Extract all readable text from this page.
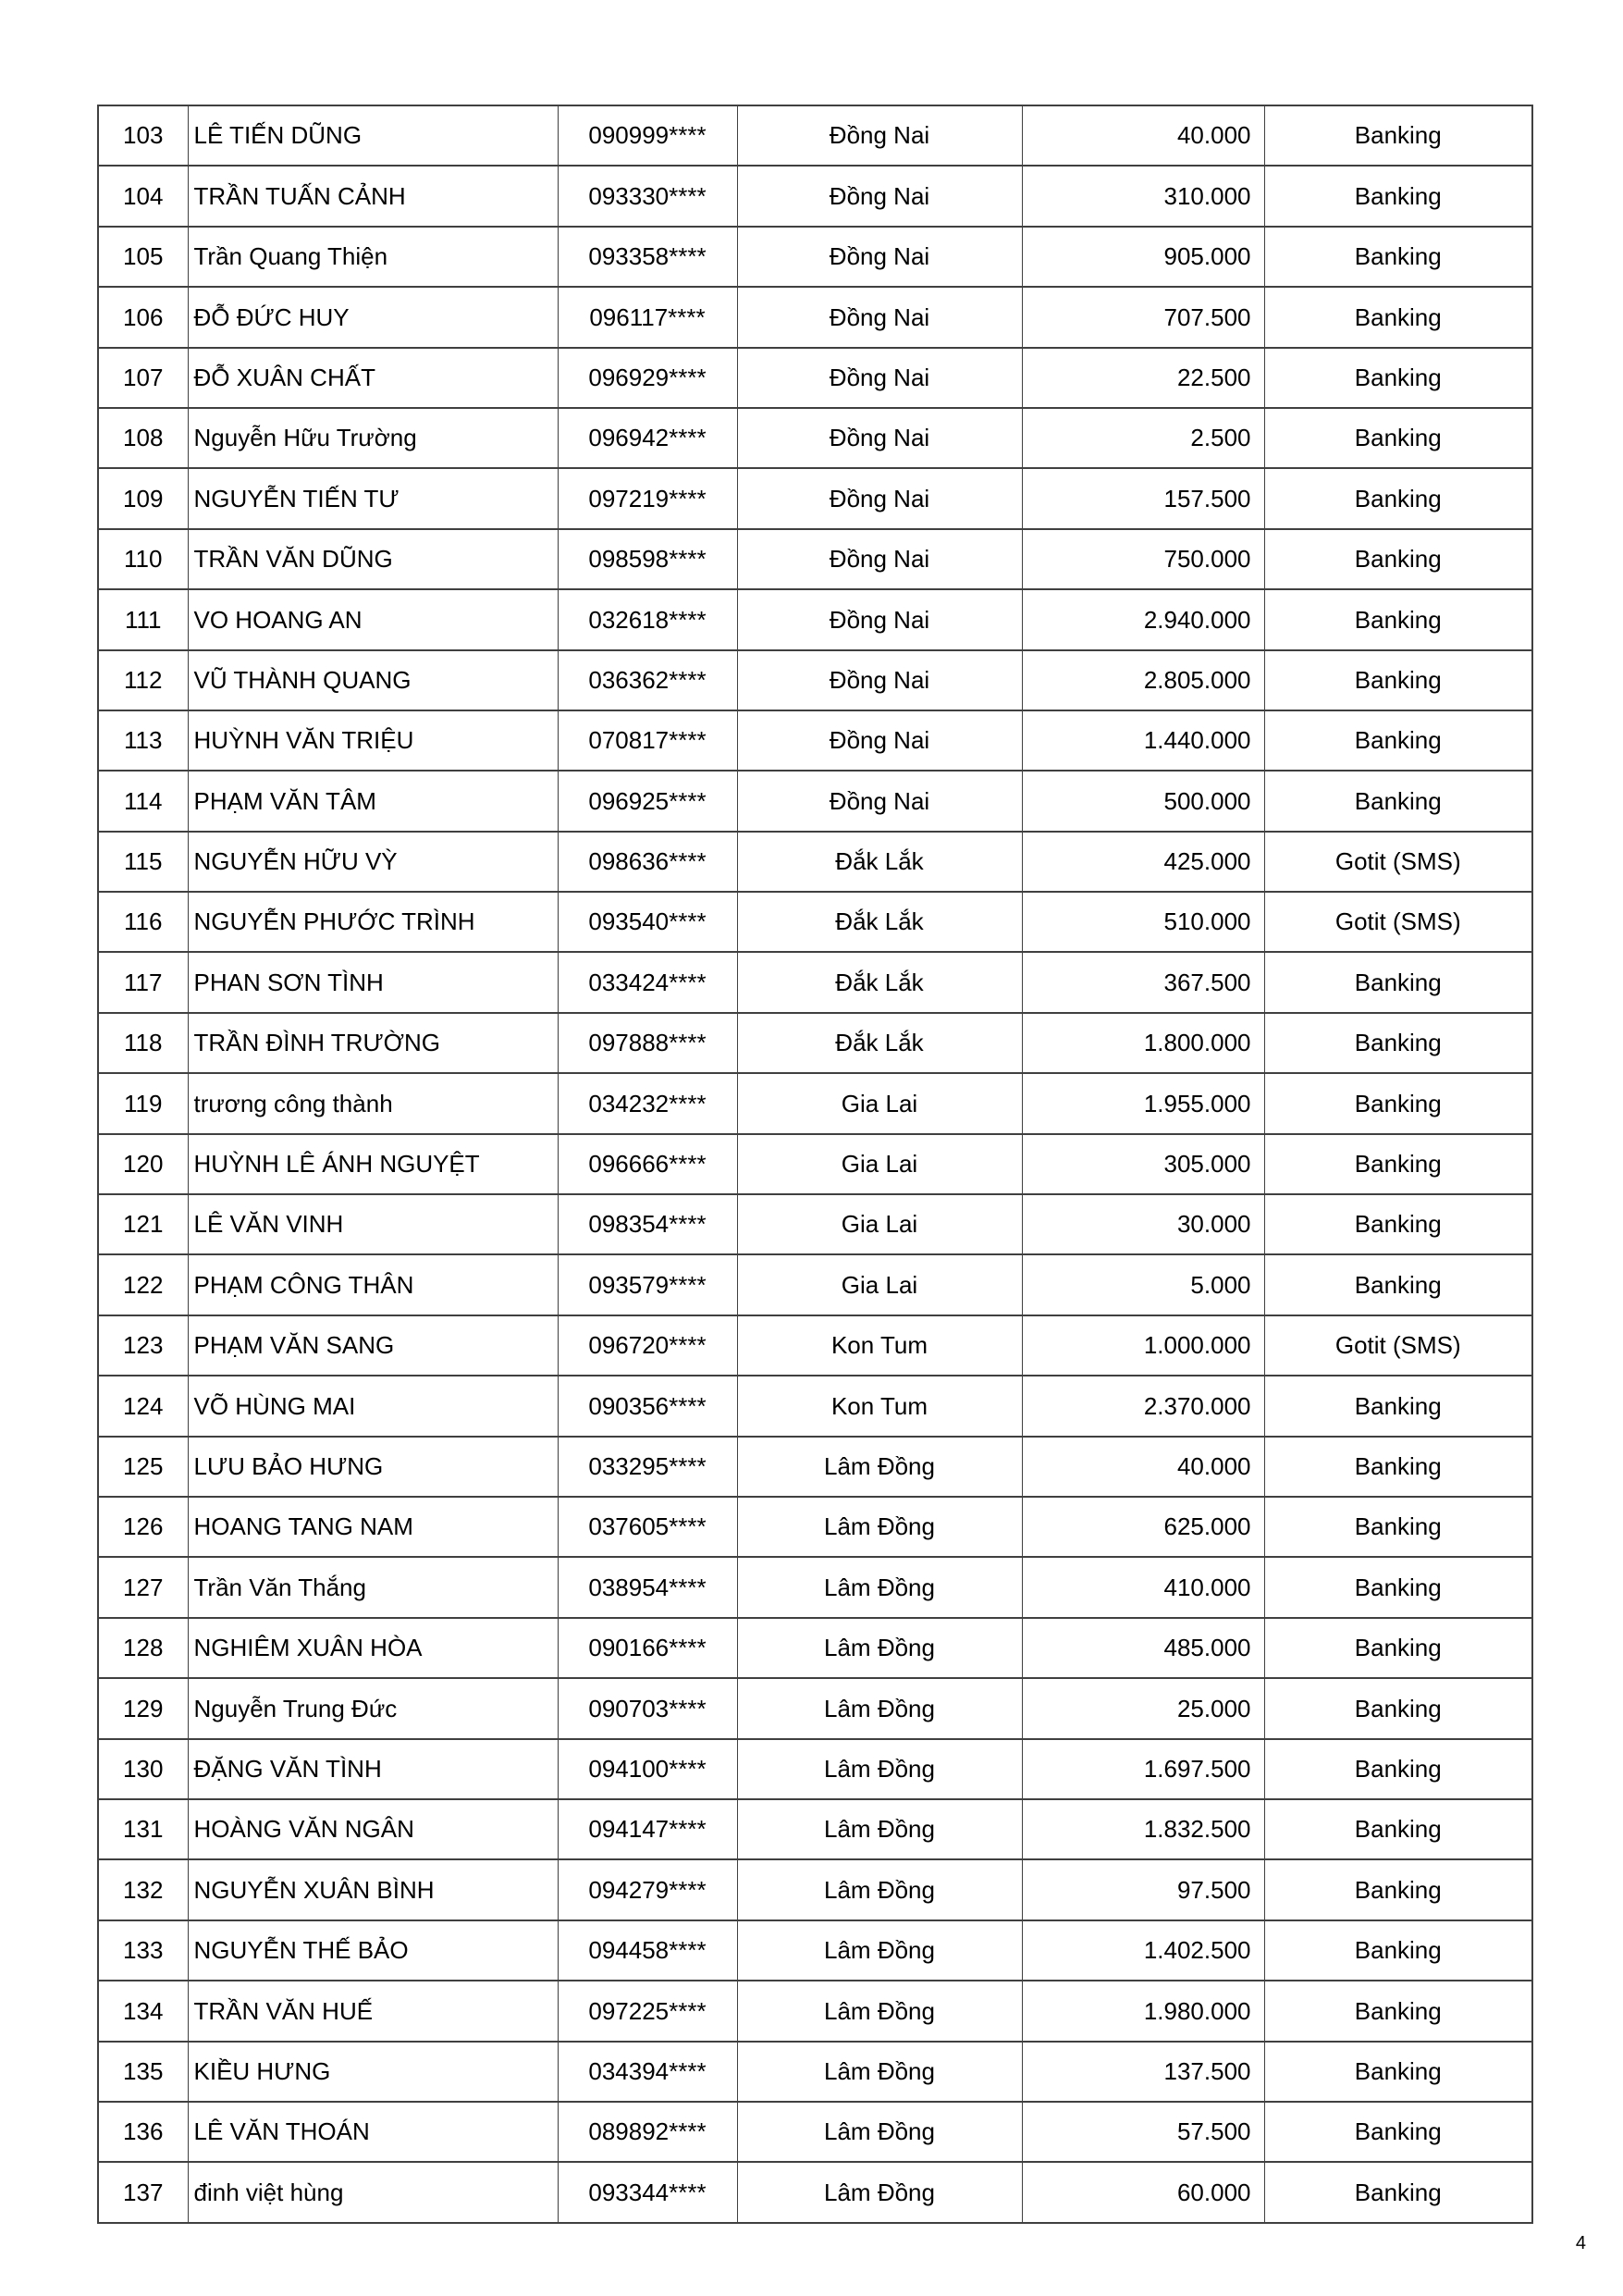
103	LÊ TIẾN DŨNG	090999****	Đồng Nai	40.000	Banking
104	TRẦN TUẤN CẢNH	093330****	Đồng Nai	310.000	Banking
105	Trần Quang Thiện	093358****	Đồng Nai	905.000	Banking
106	ĐỖ ĐỨC HUY	096117****	Đồng Nai	707.500	Banking
107	ĐỖ XUÂN CHẤT	096929****	Đồng Nai	22.500	Banking
108	Nguyễn Hữu Trường	096942****	Đồng Nai	2.500	Banking
109	NGUYỄN TIẾN TƯ	097219****	Đồng Nai	157.500	Banking
110	TRẦN VĂN DŨNG	098598****	Đồng Nai	750.000	Banking
111	VO HOANG AN	032618****	Đồng Nai	2.940.000	Banking
112	VŨ THÀNH QUANG	036362****	Đồng Nai	2.805.000	Banking
113	HUỲNH VĂN TRIỆU	070817****	Đồng Nai	1.440.000	Banking
114	PHẠM VĂN TÂM	096925****	Đồng Nai	500.000	Banking
115	NGUYỄN HỮU VỲ	098636****	Đắk Lắk	425.000	Gotit (SMS)
116	NGUYỄN PHƯỚC TRÌNH	093540****	Đắk Lắk	510.000	Gotit (SMS)
117	PHAN SƠN TÌNH	033424****	Đắk Lắk	367.500	Banking
118	TRẦN ĐÌNH TRƯỜNG	097888****	Đắk Lắk	1.800.000	Banking
119	trương công thành	034232****	Gia Lai	1.955.000	Banking
120	HUỲNH LÊ ÁNH NGUYỆT	096666****	Gia Lai	305.000	Banking
121	LÊ VĂN VINH	098354****	Gia Lai	30.000	Banking
122	PHẠM CÔNG THÂN	093579****	Gia Lai	5.000	Banking
123	PHẠM VĂN SANG	096720****	Kon Tum	1.000.000	Gotit (SMS)
124	VÕ HÙNG MAI	090356****	Kon Tum	2.370.000	Banking
125	LƯU BẢO HƯNG	033295****	Lâm Đồng	40.000	Banking
126	HOANG TANG NAM	037605****	Lâm Đồng	625.000	Banking
127	Trần Văn Thắng	038954****	Lâm Đồng	410.000	Banking
128	NGHIÊM XUÂN HÒA	090166****	Lâm Đồng	485.000	Banking
129	Nguyễn Trung Đức	090703****	Lâm Đồng	25.000	Banking
130	ĐẶNG VĂN TÌNH	094100****	Lâm Đồng	1.697.500	Banking
131	HOÀNG VĂN NGÂN	094147****	Lâm Đồng	1.832.500	Banking
132	NGUYỄN XUÂN BÌNH	094279****	Lâm Đồng	97.500	Banking
133	NGUYỄN THẾ BẢO	094458****	Lâm Đồng	1.402.500	Banking
134	TRẦN VĂN HUẾ	097225****	Lâm Đồng	1.980.000	Banking
135	KIỀU HƯNG	034394****	Lâm Đồng	137.500	Banking
136	LÊ VĂN THOÁN	089892****	Lâm Đồng	57.500	Banking
137	đinh việt hùng	093344****	Lâm Đồng	60.000	Banking
4
